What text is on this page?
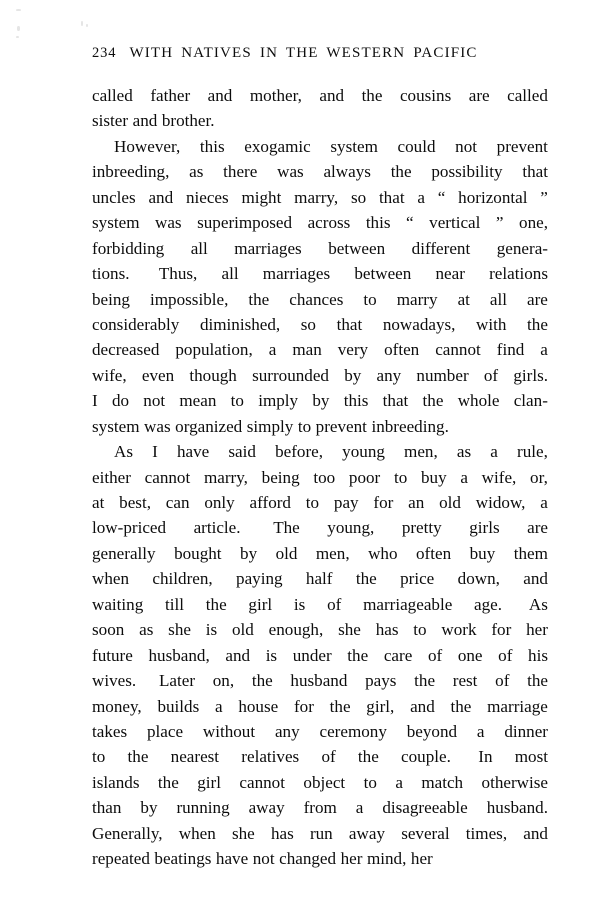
234 WITH NATIVES IN THE WESTERN PACIFIC

called father and mother, and the cousins are called
sister and brother.

However, this exogamic system could not prevent
inbreeding, as there was always the possibility that
uncles and nieces might marry, so that a “ horizontal ”
system was superimposed across this “ vertical ” one,
forbidding all marriages between different genera-
tions. Thus, all marriages between near relations
being impossible, the chances to marry at all are
considerably diminished, so that nowadays, with the
decreased population, a man very often cannot find a
wife, even though surrounded by any number of girls.
I do not mean to imply by this that the whole clan-
system was organized simply to prevent inbreeding.

As I have said before, young men, as a rule,
either cannot marry, being too poor to buy a wife, or,
at best, can only afford to pay for an old widow, a
low-priced article. The young, pretty girls are
generally bought by old men, who often buy them
when children, paying half the price down, and
waiting till the girl is of marriageable age. As
soon as she is old enough, she has to work for her
future husband, and is under the care of one of his
wives. Later on, the husband pays the rest of the
money, builds a house for the girl, and the marriage
takes place without any ceremony beyond a dinner
to the nearest relatives of the couple. In most
islands the girl cannot object to a match otherwise
than by running away from a disagreeable husband.
Generally, when she has run away several times, and
repeated beatings have not changed her mind, her
